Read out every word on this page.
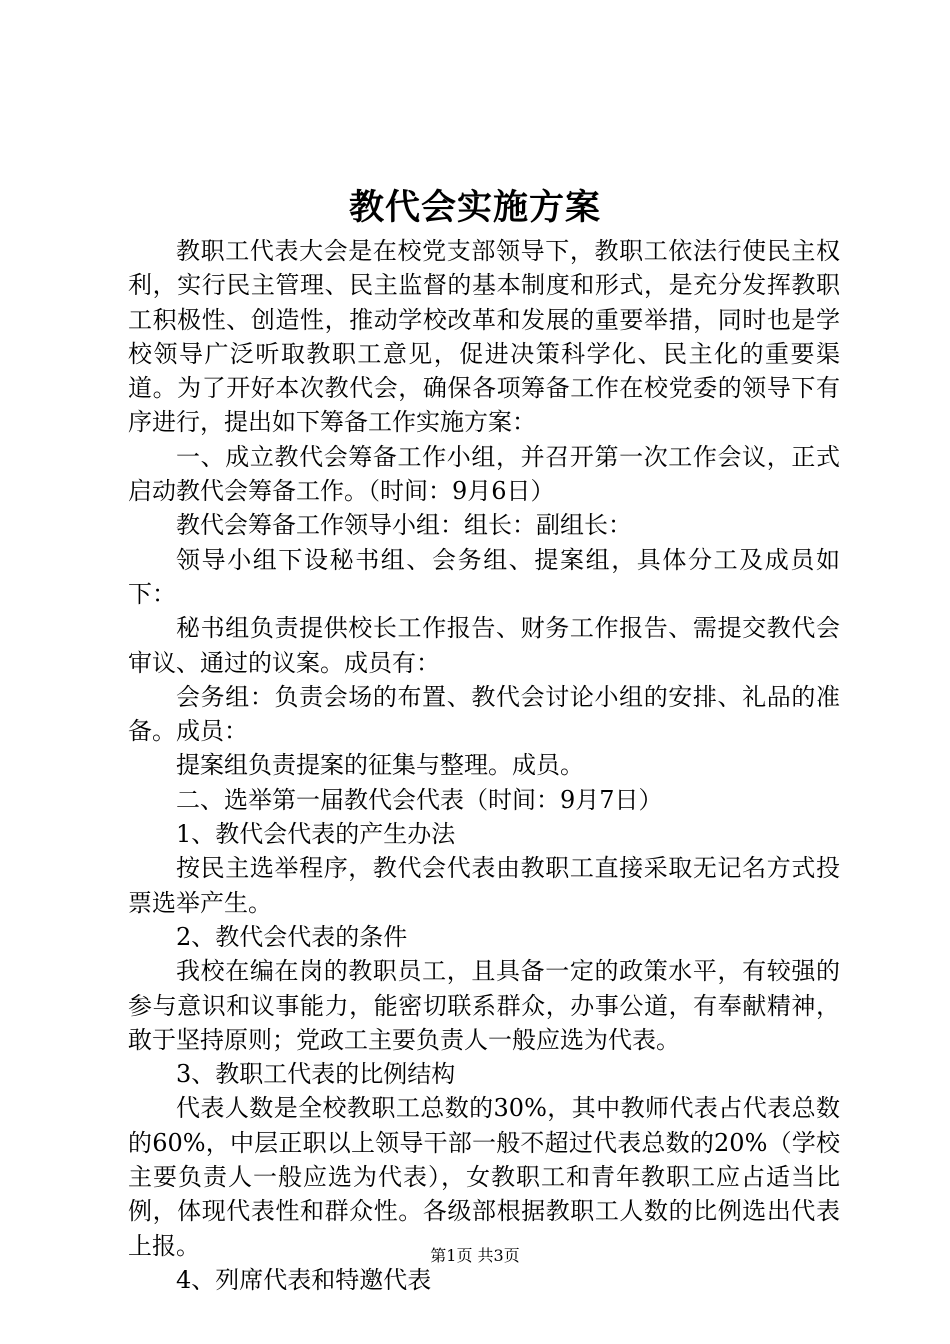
教代会实施方案

教职工代表大会是在校党支部领导下，教职工依法行使民主权利，实行民主管理、民主监督的基本制度和形式，是充分发挥教职工积极性、创造性，推动学校改革和发展的重要举措，同时也是学校领导广泛听取教职工意见，促进决策科学化、民主化的重要渠道。为了开好本次教代会，确保各项筹备工作在校党委的领导下有序进行，提出如下筹备工作实施方案：

一、成立教代会筹备工作小组，并召开第一次工作会议，正式启动教代会筹备工作。（时间：9月6日）

教代会筹备工作领导小组：组长：副组长：

领导小组下设秘书组、会务组、提案组，具体分工及成员如下：

秘书组负责提供校长工作报告、财务工作报告、需提交教代会审议、通过的议案。成员有：

会务组：负责会场的布置、教代会讨论小组的安排、礼品的准备。成员：

提案组负责提案的征集与整理。成员。

二、选举第一届教代会代表（时间：9月7日）

1、教代会代表的产生办法

按民主选举程序，教代会代表由教职工直接采取无记名方式投票选举产生。

2、教代会代表的条件

我校在编在岗的教职员工，且具备一定的政策水平，有较强的参与意识和议事能力，能密切联系群众，办事公道，有奉献精神，敢于坚持原则；党政工主要负责人一般应选为代表。

3、教职工代表的比例结构

代表人数是全校教职工总数的30%，其中教师代表占代表总数的60%，中层正职以上领导干部一般不超过代表总数的20%（学校主要负责人一般应选为代表），女教职工和青年教职工应占适当比例，体现代表性和群众性。各级部根据教职工人数的比例选出代表上报。

4、列席代表和特邀代表

第1页 共3页
